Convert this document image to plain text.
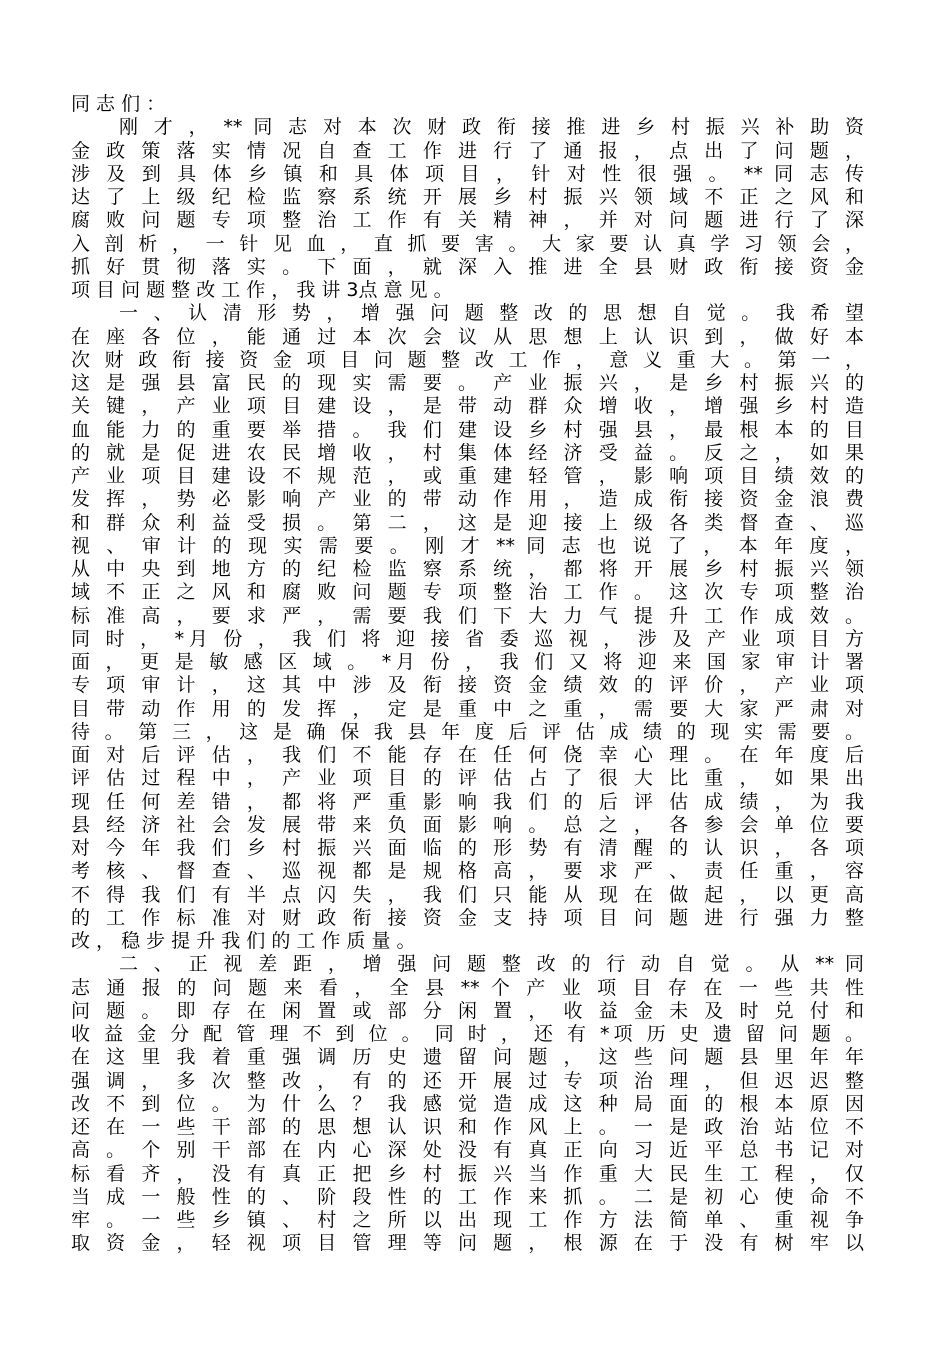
同 志 们 ：
刚 才 ， ** 同 志 对 本 次 财 政 衔 接 推 进 乡 村 振 兴 补 助 资
金 政 策 落 实 情 况 自 查 工 作 进 行 了 通 报 ， 点 出 了 问 题 ，
涉 及 到 具 体 乡 镇 和 具 体 项 目 ， 针 对 性 很 强 。 ** 同 志 传
达 了 上 级 纪 检 监 察 系 统 开 展 乡 村 振 兴 领 域 不 正 之 风 和
腐 败 问 题 专 项 整 治 工 作 有 关 精 神 ， 并 对 问 题 进 行 了 深
入 剖 析 ， 一 针 见 血 ， 直 抓 要 害 。 大 家 要 认 真 学 习 领 会 ，
抓 好 贯 彻 落 实 。 下 面 ， 就 深 入 推 进 全 县 财 政 衔 接 资 金
项 目 问 题 整 改 工 作 ， 我 讲 3点 意 见 。
一 、 认 清 形 势 ， 增 强 问 题 整 改 的 思 想 自 觉 。 我 希 望
在 座 各 位 ， 能 通 过 本 次 会 议 从 思 想 上 认 识 到 ， 做 好 本
次 财 政 衔 接 资 金 项 目 问 题 整 改 工 作 ， 意 义 重 大 。 第 一 ，
这 是 强 县 富 民 的 现 实 需 要 。 产 业 振 兴 ， 是 乡 村 振 兴 的
关 键 ， 产 业 项 目 建 设 ， 是 带 动 群 众 增 收 ， 增 强 乡 村 造
血 能 力 的 重 要 举 措 。 我 们 建 设 乡 村 强 县 ， 最 根 本 的 目
的 就 是 促 进 农 民 增 收 ， 村 集 体 经 济 受 益 。 反 之 ， 如 果
产 业 项 目 建 设 不 规 范 ， 或 重 建 轻 管 ， 影 响 项 目 绩 效 的
发 挥 ， 势 必 影 响 产 业 的 带 动 作 用 ， 造 成 衔 接 资 金 浪 费
和 群 众 利 益 受 损 。 第 二 ， 这 是 迎 接 上 级 各 类 督 查 、 巡
视 、 审 计 的 现 实 需 要 。 刚 才 ** 同 志 也 说 了 ， 本 年 度 ，
从 中 央 到 地 方 的 纪 检 监 察 系 统 ， 都 将 开 展 乡 村 振 兴 领
域 不 正 之 风 和 腐 败 问 题 专 项 整 治 工 作 。 这 次 专 项 整 治
标 准 高 ， 要 求 严 ， 需 要 我 们 下 大 力 气 提 升 工 作 成 效 。
同 时 ， *月 份 ， 我 们 将 迎 接 省 委 巡 视 ， 涉 及 产 业 项 目 方
面 ， 更 是 敏 感 区 域 。 *月 份 ， 我 们 又 将 迎 来 国 家 审 计 署
专 项 审 计 ， 这 其 中 涉 及 衔 接 资 金 绩 效 的 评 价 ， 产 业 项
目 带 动 作 用 的 发 挥 ， 定 是 重 中 之 重 ， 需 要 大 家 严 肃 对
待 。 第 三 ， 这 是 确 保 我 县 年 度 后 评 估 成 绩 的 现 实 需 要 。
面 对 后 评 估 ， 我 们 不 能 存 在 任 何 侥 幸 心 理 。 在 年 度 后
评 估 过 程 中 ， 产 业 项 目 的 评 估 占 了 很 大 比 重 ， 如 果 出
现 任 何 差 错 ， 都 将 严 重 影 响 我 们 的 后 评 估 成 绩 ， 为 我
县 经 济 社 会 发 展 带 来 负 面 影 响 。 总 之 ， 各 参 会 单 位 要
对 今 年 我 们 乡 村 振 兴 面 临 的 形 势 有 清 醒 的 认 识 ， 各 项
考 核 、 督 查 、 巡 视 都 是 规 格 高 ， 要 求 严 、 责 任 重 ， 容
不 得 我 们 有 半 点 闪 失 ， 我 们 只 能 从 现 在 做 起 ， 以 更 高
的 工 作 标 准 对 财 政 衔 接 资 金 支 持 项 目 问 题 进 行 强 力 整
改 ， 稳 步 提 升 我 们 的 工 作 质 量 。
二 、 正 视 差 距 ， 增 强 问 题 整 改 的 行 动 自 觉 。 从 ** 同
志 通 报 的 问 题 来 看 ， 全 县 ** 个 产 业 项 目 存 在 一 些 共 性
问 题 。 即 存 在 闲 置 或 部 分 闲 置 ， 收 益 金 未 及 时 兑 付 和
收 益 金 分 配 管 理 不 到 位 。 同 时 ， 还 有 *项 历 史 遗 留 问 题 。
在 这 里 我 着 重 强 调 历 史 遗 留 问 题 ， 这 些 问 题 县 里 年 年
强 调 ， 多 次 整 改 ， 有 的 还 开 展 过 专 项 治 理 ， 但 迟 迟 整
改 不 到 位 。 为 什 么 ？ 我 感 觉 造 成 这 种 局 面 的 根 本 原 因
还 在 一 些 干 部 的 思 想 认 识 和 作 风 上 。 一 是 政 治 站 位 不
高 。 个 别 干 部 在 内 心 深 处 没 有 真 正 向 习 近 平 总 书 记 对
标 看 齐 ， 没 有 真 正 把 乡 村 振 兴 当 作 重 大 民 生 工 程 ， 仅
当 成 一 般 性 的 、 阶 段 性 的 工 作 来 抓 。 二 是 初 心 使 命 不
牢 。 一 些 乡 镇 、 村 之 所 以 出 现 工 作 方 法 简 单 、 重 视 争
取 资 金 ， 轻 视 项 目 管 理 等 问 题 ， 根 源 在 于 没 有 树 牢 以
